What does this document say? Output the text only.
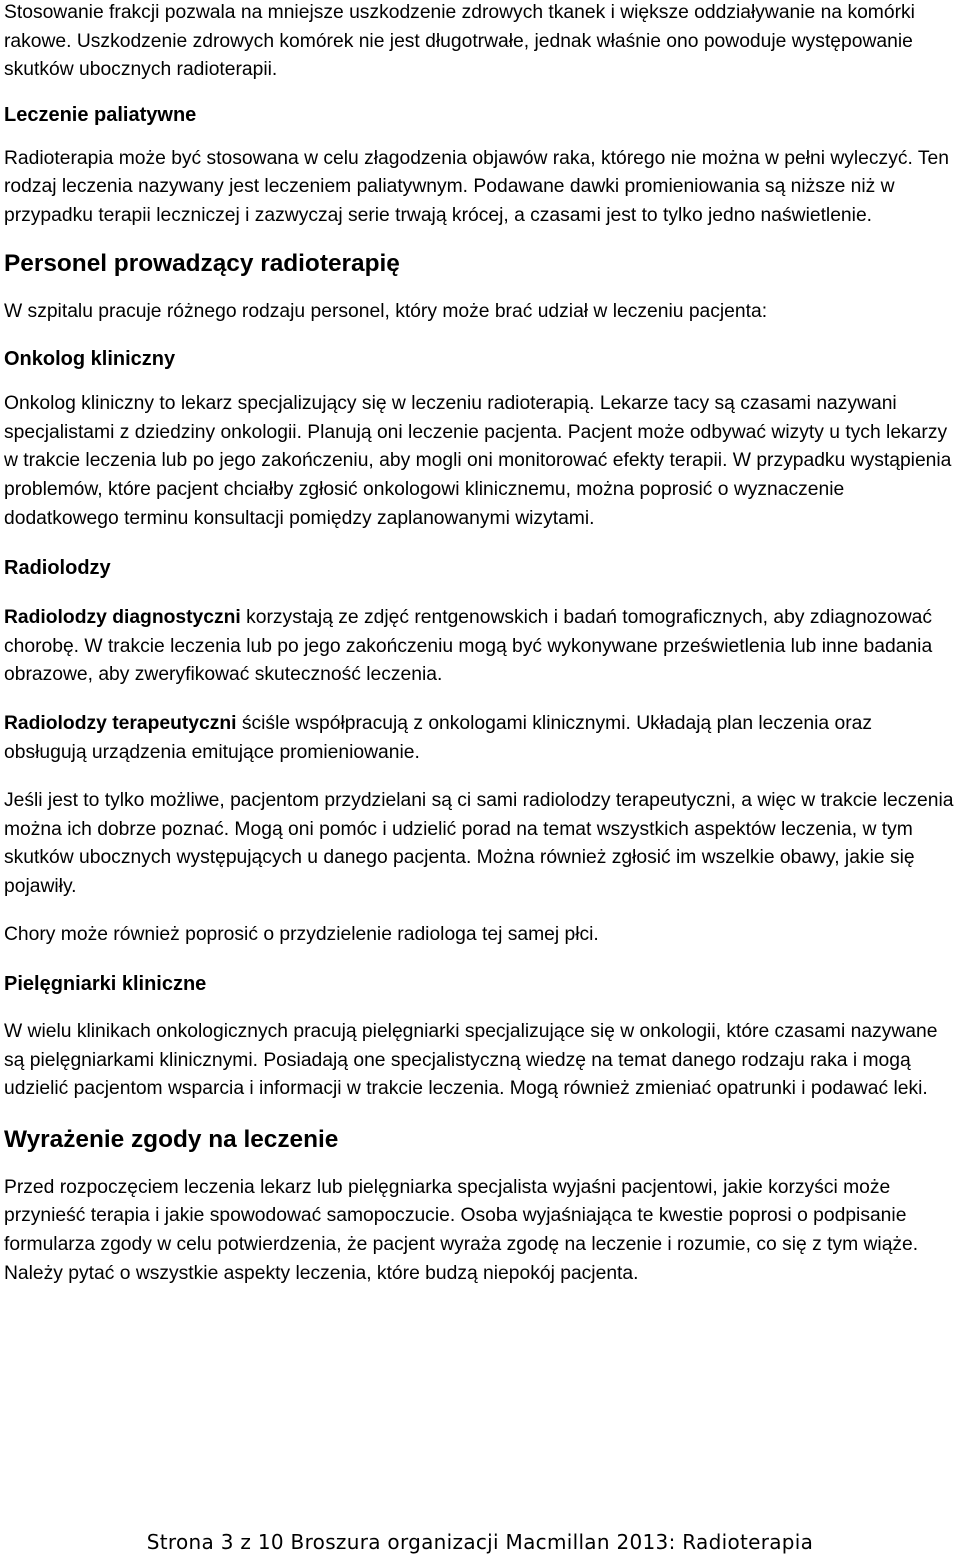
Stosowanie frakcji pozwala na mniejsze uszkodzenie zdrowych tkanek i większe oddziaływanie na komórki rakowe. Uszkodzenie zdrowych komórek nie jest długotrwałe, jednak właśnie ono powoduje występowanie skutków ubocznych radioterapii.

Leczenie paliatywne

Radioterapia może być stosowana w celu złagodzenia objawów raka, którego nie można w pełni wyleczyć. Ten rodzaj leczenia nazywany jest leczeniem paliatywnym. Podawane dawki promieniowania są niższe niż w przypadku terapii leczniczej i zazwyczaj serie trwają krócej, a czasami jest to tylko jedno naświetlenie.

Personel prowadzący radioterapię

W szpitalu pracuje różnego rodzaju personel, który może brać udział w leczeniu pacjenta:

Onkolog kliniczny

Onkolog kliniczny to lekarz specjalizujący się w leczeniu radioterapią. Lekarze tacy są czasami nazywani specjalistami z dziedziny onkologii. Planują oni leczenie pacjenta. Pacjent może odbywać wizyty u tych lekarzy w trakcie leczenia lub po jego zakończeniu, aby mogli oni monitorować efekty terapii. W przypadku wystąpienia problemów, które pacjent chciałby zgłosić onkologowi klinicznemu, można poprosić o wyznaczenie dodatkowego terminu konsultacji pomiędzy zaplanowanymi wizytami.

Radiolodzy

Radiolodzy diagnostyczni korzystają ze zdjęć rentgenowskich i badań tomograficznych, aby zdiagnozować chorobę. W trakcie leczenia lub po jego zakończeniu mogą być wykonywane prześwietlenia lub inne badania obrazowe, aby zweryfikować skuteczność leczenia.

Radiolodzy terapeutyczni ściśle współpracują z onkologami klinicznymi. Układają plan leczenia oraz obsługują urządzenia emitujące promieniowanie.

Jeśli jest to tylko możliwe, pacjentom przydzielani są ci sami radiolodzy terapeutyczni, a więc w trakcie leczenia można ich dobrze poznać. Mogą oni pomóc i udzielić porad na temat wszystkich aspektów leczenia, w tym skutków ubocznych występujących u danego pacjenta. Można również zgłosić im wszelkie obawy, jakie się pojawiły.

Chory może również poprosić o przydzielenie radiologa tej samej płci.

Pielęgniarki kliniczne

W wielu klinikach onkologicznych pracują pielęgniarki specjalizujące się w onkologii, które czasami nazywane są pielęgniarkami klinicznymi. Posiadają one specjalistyczną wiedzę na temat danego rodzaju raka i mogą udzielić pacjentom wsparcia i informacji w trakcie leczenia. Mogą również zmieniać opatrunki i podawać leki.

Wyrażenie zgody na leczenie

Przed rozpoczęciem leczenia lekarz lub pielęgniarka specjalista wyjaśni pacjentowi, jakie korzyści może przynieść terapia i jakie spowodować samopoczucie. Osoba wyjaśniająca te kwestie poprosi o podpisanie formularza zgody w celu potwierdzenia, że pacjent wyraża zgodę na leczenie i rozumie, co się z tym wiąże. Należy pytać o wszystkie aspekty leczenia, które budzą niepokój pacjenta.

Strona 3 z 10 Broszura organizacji Macmillan 2013: Radioterapia
